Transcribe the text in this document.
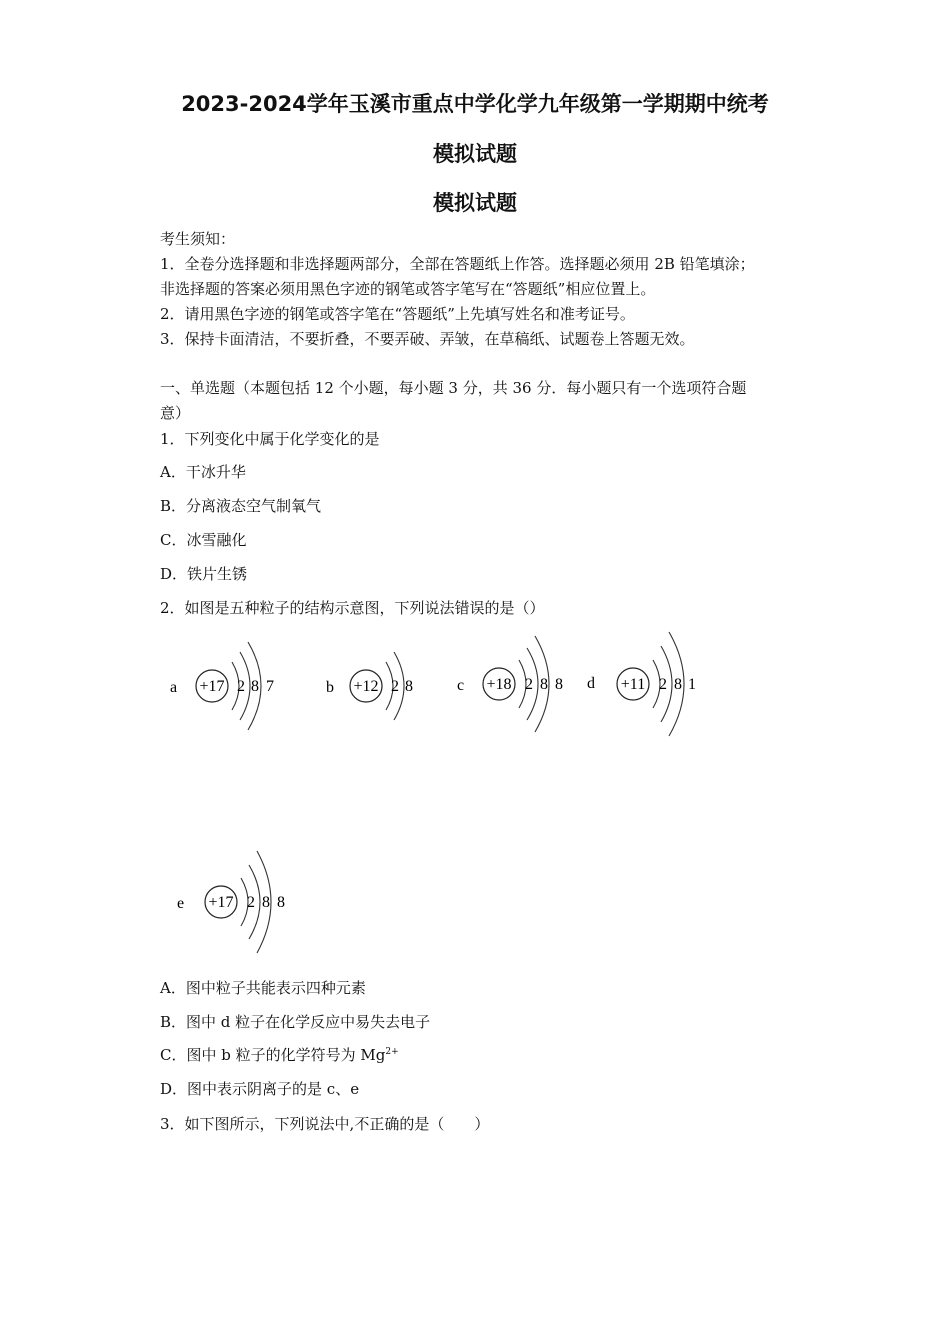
2023-2024学年玉溪市重点中学化学九年级第一学期期中统考
模拟试题
模拟试题
考生须知：
1．全卷分选择题和非选择题两部分，全部在答题纸上作答。选择题必须用 2B 铅笔填涂；
非选择题的答案必须用黑色字迹的钢笔或答字笔写在“答题纸”相应位置上。
2．请用黑色字迹的钢笔或答字笔在“答题纸”上先填写姓名和准考证号。
3．保持卡面清洁，不要折叠，不要弄破、弄皱，在草稿纸、试题卷上答题无效。
一、单选题（本题包括 12 个小题，每小题 3 分，共 36 分．每小题只有一个选项符合题
意）
1．下列变化中属于化学变化的是
A．干冰升华
B．分离液态空气制氧气
C．冰雪融化
D．铁片生锈
2．如图是五种粒子的结构示意图，下列说法错误的是（）
a +17 2 8 7	b +12 2 8	c +18 2 8 8 d +11 2 8 1
e +17 2 8 8
A．图中粒子共能表示四种元素
B．图中 d 粒子在化学反应中易失去电子
C．图中 b 粒子的化学符号为 $Mg^{2+}$
D．图中表示阴离子的是 c、e
3．如下图所示，下列说法中,不正确的是（　　）
